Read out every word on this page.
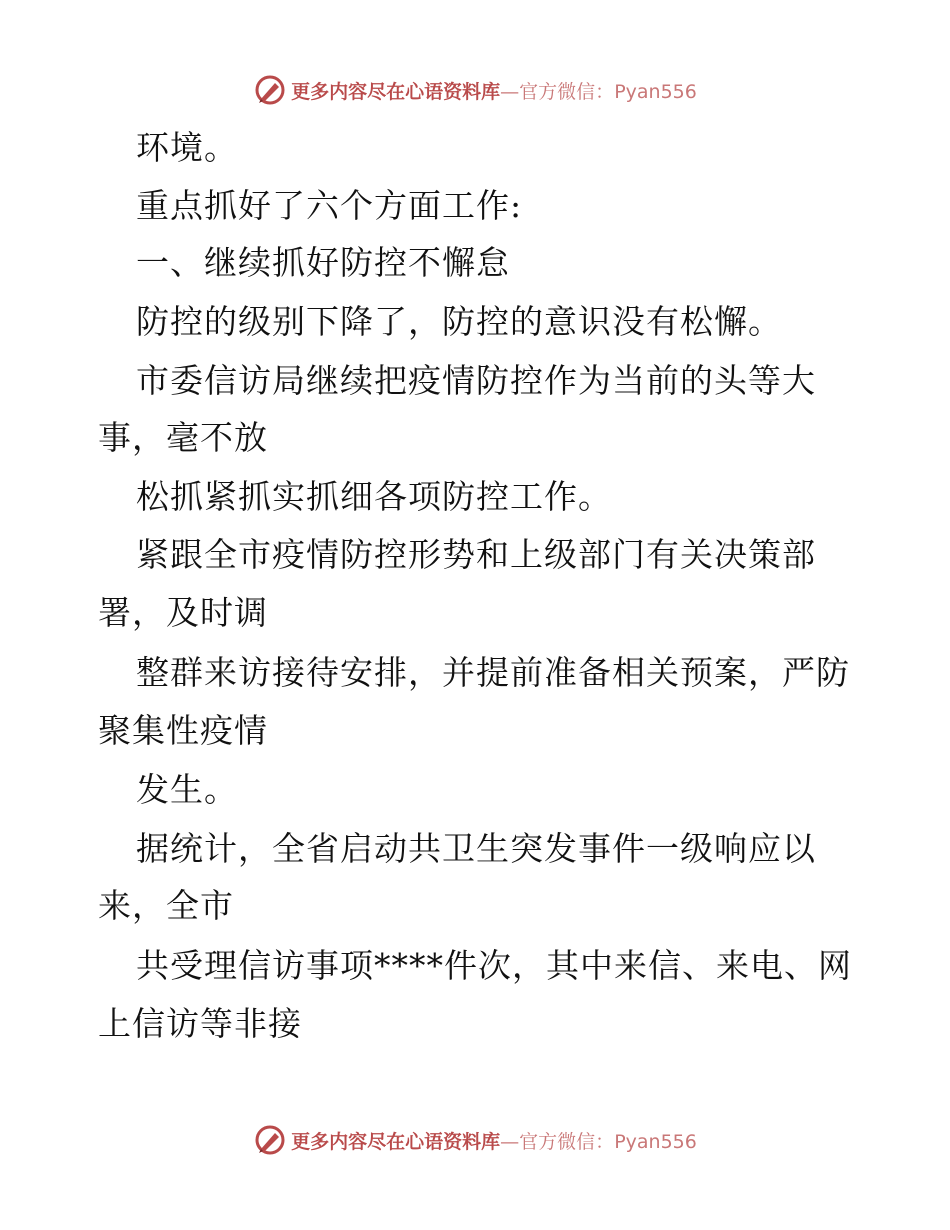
更多内容尽在心语资料库—官方微信：Pyan556
环境。
重点抓好了六个方面工作:
一、继续抓好防控不懈怠
防控的级别下降了，防控的意识没有松懈。
市委信访局继续把疫情防控作为当前的头等大
事，毫不放
松抓紧抓实抓细各项防控工作。
紧跟全市疫情防控形势和上级部门有关决策部
署，及时调
整群来访接待安排，并提前准备相关预案，严防
聚集性疫情
发生。
据统计，全省启动共卫生突发事件一级响应以
来，全市
共受理信访事项****件次，其中来信、来电、网
上信访等非接
更多内容尽在心语资料库—官方微信：Pyan556
